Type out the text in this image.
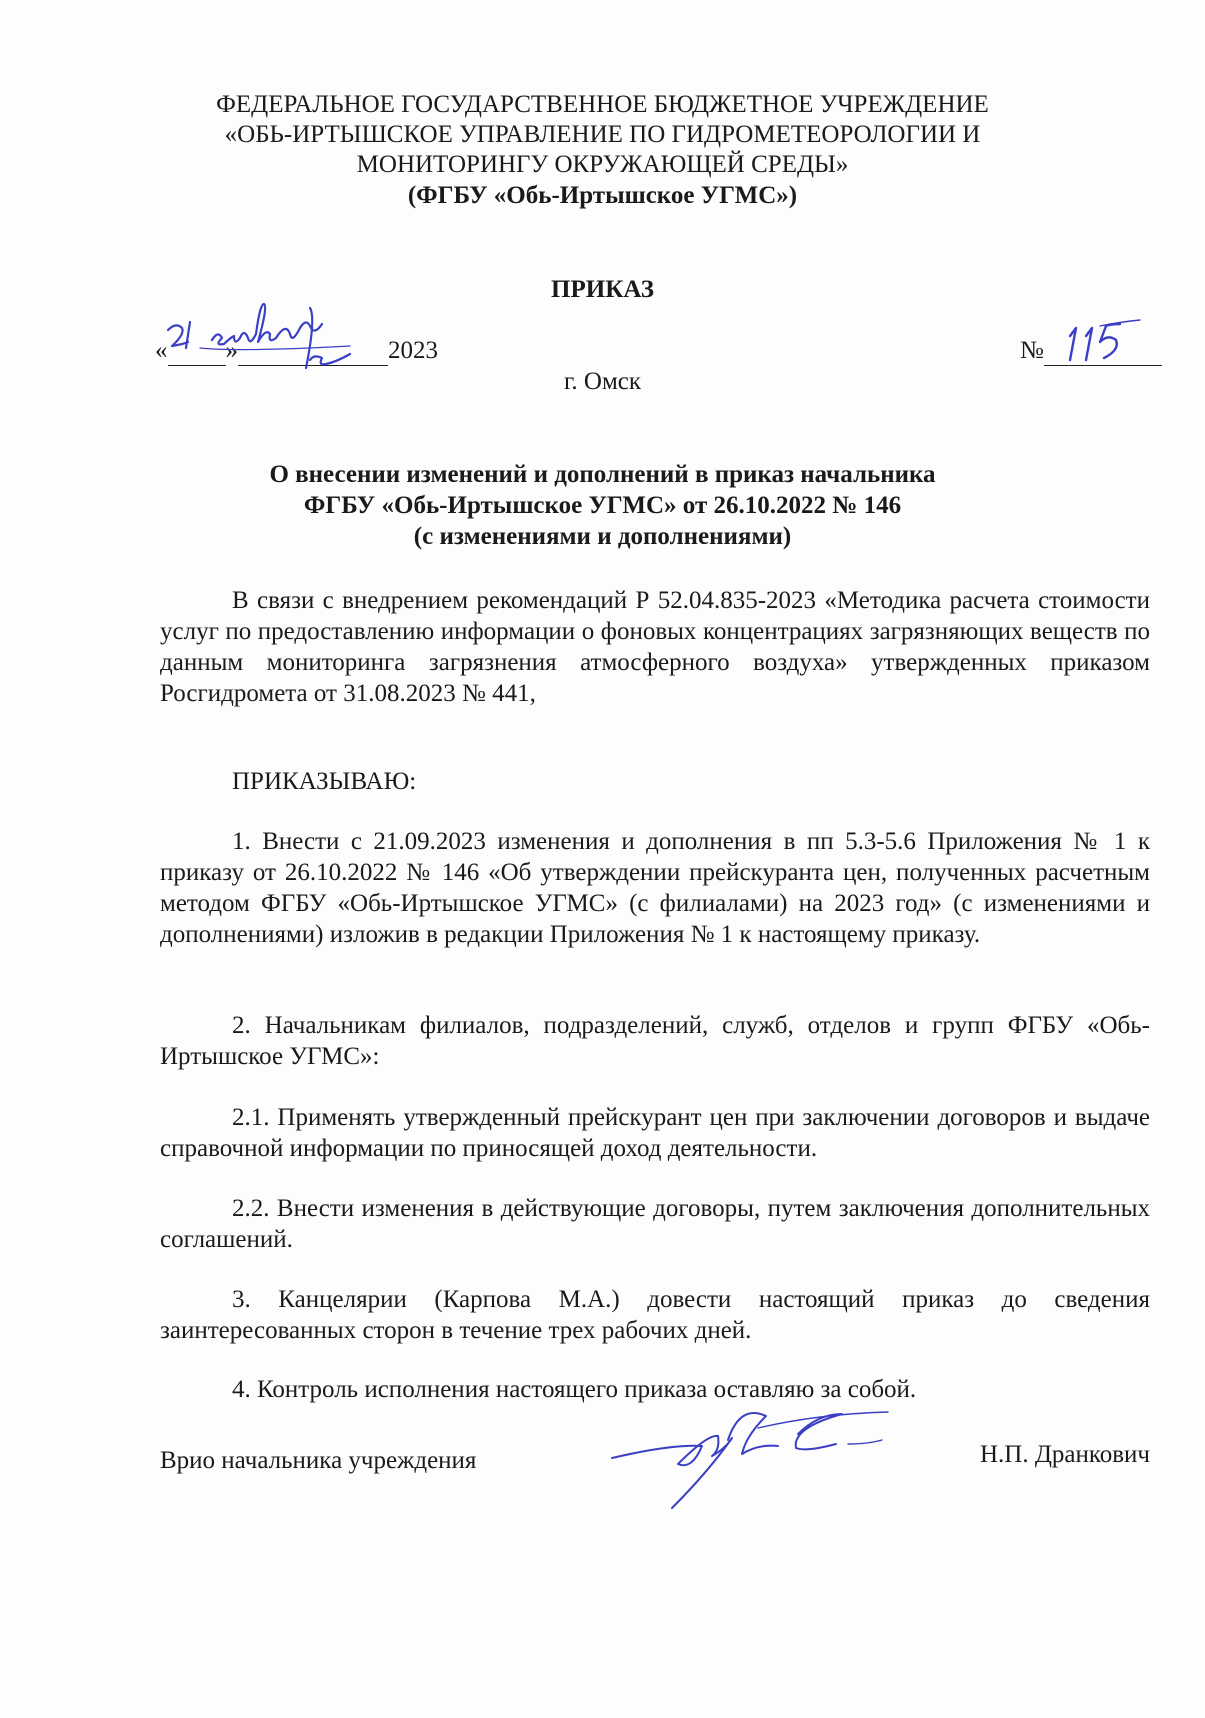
ФЕДЕРАЛЬНОЕ ГОСУДАРСТВЕННОЕ БЮДЖЕТНОЕ УЧРЕЖДЕНИЕ
«ОБЬ-ИРТЫШСКОЕ УПРАВЛЕНИЕ ПО ГИДРОМЕТЕОРОЛОГИИ И
МОНИТОРИНГУ ОКРУЖАЮЩЕЙ СРЕДЫ»
(ФГБУ «Обь-Иртышское УГМС»)
ПРИКАЗ
« »	2023	№
г. Омск
О внесении изменений и дополнений в приказ начальника
ФГБУ «Обь-Иртышское УГМС» от 26.10.2022 № 146
(с изменениями и дополнениями)
В связи с внедрением рекомендаций Р 52.04.835-2023 «Методика расчета стоимости услуг по предоставлению информации о фоновых концентрациях загрязняющих веществ по данным мониторинга загрязнения атмосферного воздуха» утвержденных приказом Росгидромета от 31.08.2023 № 441,
ПРИКАЗЫВАЮ:
1. Внести с 21.09.2023 изменения и дополнения в пп 5.3-5.6 Приложения № 1 к приказу от 26.10.2022 № 146 «Об утверждении прейскуранта цен, полученных расчетным методом ФГБУ «Обь-Иртышское УГМС» (с филиалами) на 2023 год» (с изменениями и дополнениями) изложив в редакции Приложения № 1 к настоящему приказу.
2. Начальникам филиалов, подразделений, служб, отделов и групп ФГБУ «Обь-Иртышское УГМС»:
2.1. Применять утвержденный прейскурант цен при заключении договоров и выдаче справочной информации по приносящей доход деятельности.
2.2. Внести изменения в действующие договоры, путем заключения дополнительных соглашений.
3. Канцелярии (Карпова М.А.) довести настоящий приказ до сведения заинтересованных сторон в течение трех рабочих дней.
4. Контроль исполнения настоящего приказа оставляю за собой.
Врио начальника учреждения	Н.П. Дранкович
